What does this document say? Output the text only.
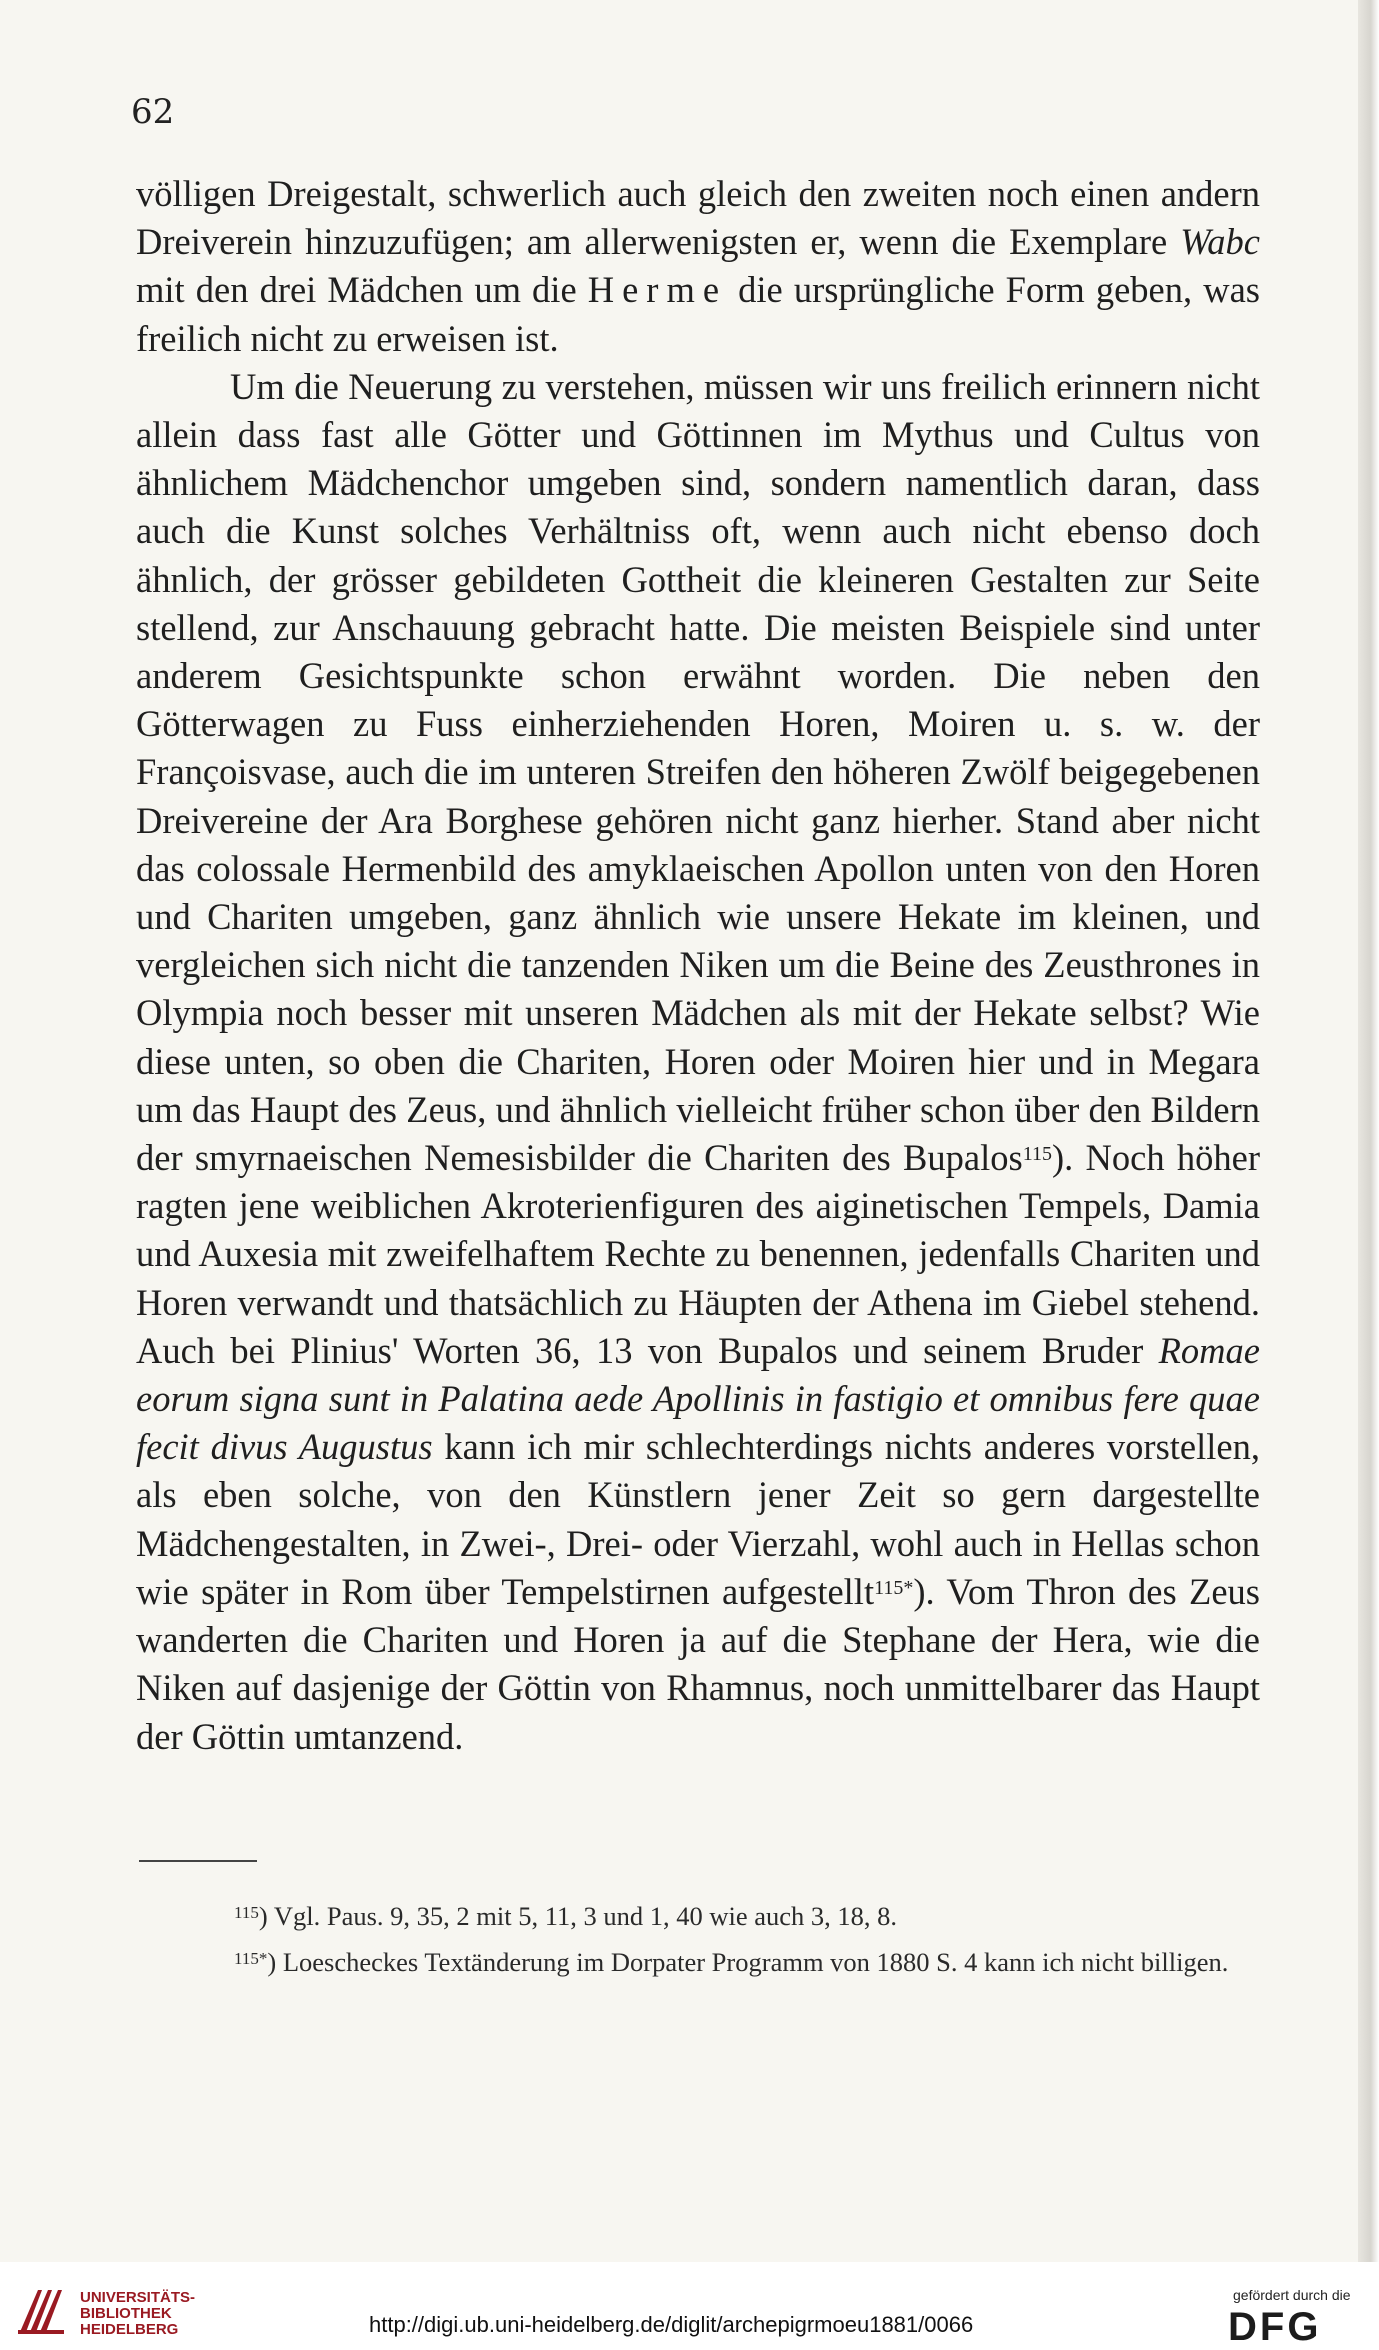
62

völligen Dreigestalt, schwerlich auch gleich den zweiten noch einen andern Dreiverein hinzuzufügen; am allerwenigsten er, wenn die Exemplare Wabc mit den drei Mädchen um die Herme die ursprüngliche Form geben, was freilich nicht zu erweisen ist.

Um die Neuerung zu verstehen, müssen wir uns freilich erinnern nicht allein dass fast alle Götter und Göttinnen im Mythus und Cultus von ähnlichem Mädchenchor umgeben sind, sondern namentlich daran, dass auch die Kunst solches Verhältniss oft, wenn auch nicht ebenso doch ähnlich, der grösser gebildeten Gottheit die kleineren Gestalten zur Seite stellend, zur Anschauung gebracht hatte. Die meisten Beispiele sind unter anderem Gesichtspunkte schon erwähnt worden. Die neben den Götterwagen zu Fuss einherziehenden Horen, Moiren u. s. w. der Françoisvase, auch die im unteren Streifen den höheren Zwölf beigegebenen Dreivereine der Ara Borghese gehören nicht ganz hierher. Stand aber nicht das colossale Hermenbild des amyklaeischen Apollon unten von den Horen und Chariten umgeben, ganz ähnlich wie unsere Hekate im kleinen, und vergleichen sich nicht die tanzenden Niken um die Beine des Zeusthrones in Olympia noch besser mit unseren Mädchen als mit der Hekate selbst? Wie diese unten, so oben die Chariten, Horen oder Moiren hier und in Megara um das Haupt des Zeus, und ähnlich vielleicht früher schon über den Bildern der smyrnaeischen Nemesisbilder die Chariten des Bupalos$^{115}$). Noch höher ragten jene weiblichen Akroterienfiguren des aiginetischen Tempels, Damia und Auxesia mit zweifelhaftem Rechte zu benennen, jedenfalls Chariten und Horen verwandt und thatsächlich zu Häupten der Athena im Giebel stehend. Auch bei Plinius' Worten 36, 13 von Bupalos und seinem Bruder Romae eorum signa sunt in Palatina aede Apollinis in fastigio et omnibus fere quae fecit divus Augustus kann ich mir schlechterdings nichts anderes vorstellen, als eben solche, von den Künstlern jener Zeit so gern dargestellte Mädchengestalten, in Zwei-, Drei- oder Vierzahl, wohl auch in Hellas schon wie später in Rom über Tempelstirnen aufgestellt$^{115*}$). Vom Thron des Zeus wanderten die Chariten und Horen ja auf die Stephane der Hera, wie die Niken auf dasjenige der Göttin von Rhamnus, noch unmittelbarer das Haupt der Göttin umtanzend.

$^{115}$) Vgl. Paus. 9, 35, 2 mit 5, 11, 3 und 1, 40 wie auch 3, 18, 8.

$^{115*}$) Loescheckes Textänderung im Dorpater Programm von 1880 S. 4 kann ich nicht billigen.

UNIVERSITÄTS-
BIBLIOTHEK
HEIDELBERG	http://digi.ub.uni-heidelberg.de/diglit/archepigrmoeu1881/0066
gefördert durch die
DFG
